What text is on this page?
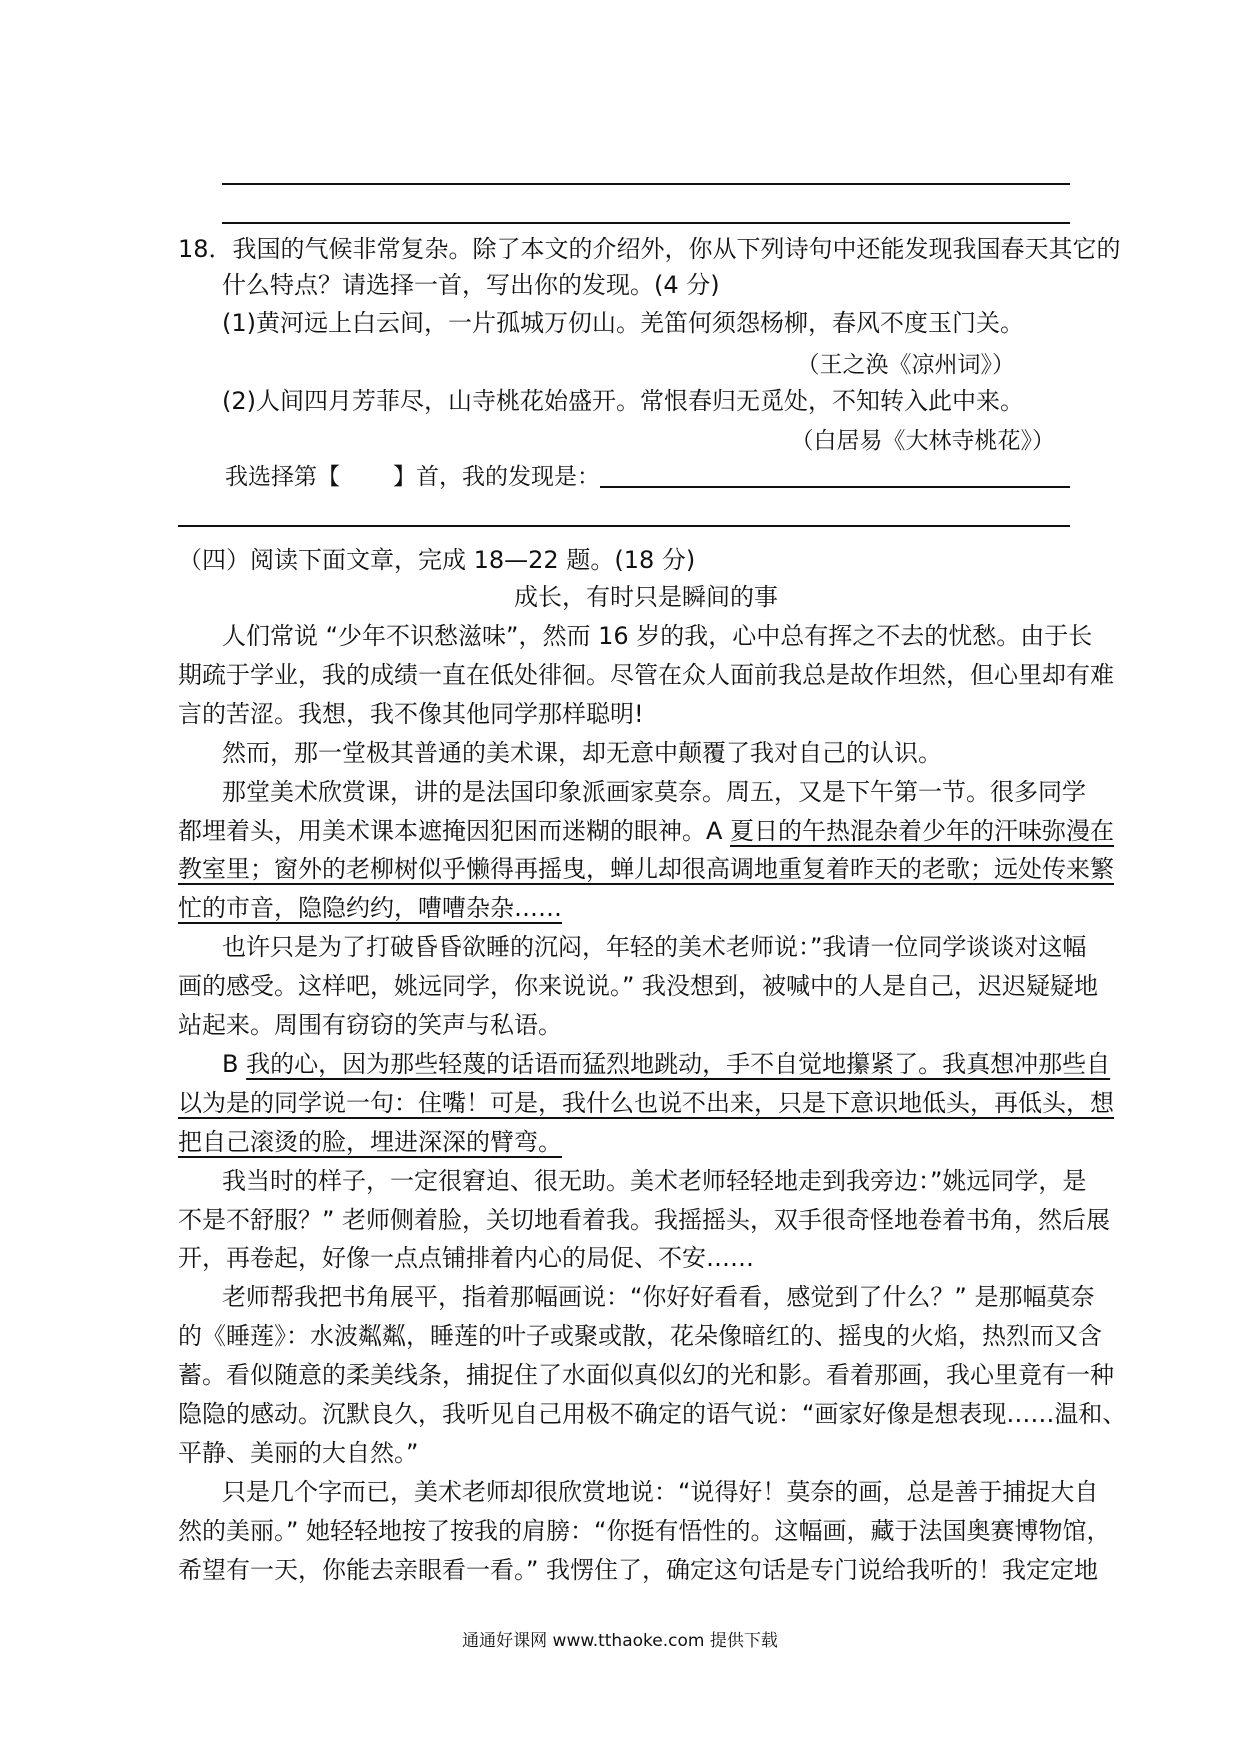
18．我国的气候非常复杂。除了本文的介绍外，你从下列诗句中还能发现我国春天其它的
什么特点？请选择一首，写出你的发现。(4 分)
(1)黄河远上白云间，一片孤城万仞山。羌笛何须怨杨柳，春风不度玉门关。
（王之涣《凉州词》）
(2)人间四月芳菲尽，山寺桃花始盛开。常恨春归无觅处，不知转入此中来。
（白居易《大林寺桃花》）
我选择第【 】首，我的发现是：
（四）阅读下面文章，完成 18—22 题。(18 分)
成长，有时只是瞬间的事
人们常说 “少年不识愁滋味”，然而 16 岁的我，心中总有挥之不去的忧愁。由于长
期疏于学业，我的成绩一直在低处徘徊。尽管在众人面前我总是故作坦然，但心里却有难
言的苦涩。我想，我不像其他同学那样聪明!
然而，那一堂极其普通的美术课，却无意中颠覆了我对自己的认识。
那堂美术欣赏课，讲的是法国印象派画家莫奈。周五，又是下午第一节。很多同学
都埋着头，用美术课本遮掩因犯困而迷糊的眼神。A 夏日的午热混杂着少年的汗味弥漫在
教室里；窗外的老柳树似乎懒得再摇曳，蝉儿却很高调地重复着昨天的老歌；远处传来繁
忙的市音，隐隐约约，嘈嘈杂杂……
也许只是为了打破昏昏欲睡的沉闷，年轻的美术老师说：”我请一位同学谈谈对这幅
画的感受。这样吧，姚远同学，你来说说。” 我没想到，被喊中的人是自己，迟迟疑疑地
站起来。周围有窃窃的笑声与私语。
B 我的心，因为那些轻蔑的话语而猛烈地跳动，手不自觉地攥紧了。我真想冲那些自
以为是的同学说一句：住嘴！可是，我什么也说不出来，只是下意识地低头，再低头，想
把自己滚烫的脸，埋进深深的臂弯。
我当时的样子，一定很窘迫、很无助。美术老师轻轻地走到我旁边：”姚远同学，是
不是不舒服？” 老师侧着脸，关切地看着我。我摇摇头，双手很奇怪地卷着书角，然后展
开，再卷起，好像一点点铺排着内心的局促、不安……
老师帮我把书角展平，指着那幅画说：“你好好看看，感觉到了什么？” 是那幅莫奈
的《睡莲》：水波粼粼，睡莲的叶子或聚或散，花朵像暗红的、摇曳的火焰，热烈而又含
蓄。看似随意的柔美线条，捕捉住了水面似真似幻的光和影。看着那画，我心里竟有一种
隐隐的感动。沉默良久，我听见自己用极不确定的语气说：“画家好像是想表现……温和、
平静、美丽的大自然。”
只是几个字而已，美术老师却很欣赏地说：“说得好！莫奈的画，总是善于捕捉大自
然的美丽。” 她轻轻地按了按我的肩膀：“你挺有悟性的。这幅画，藏于法国奥赛博物馆，
希望有一天，你能去亲眼看一看。” 我愣住了，确定这句话是专门说给我听的！我定定地
通通好课网 www.tthaoke.com 提供下载
